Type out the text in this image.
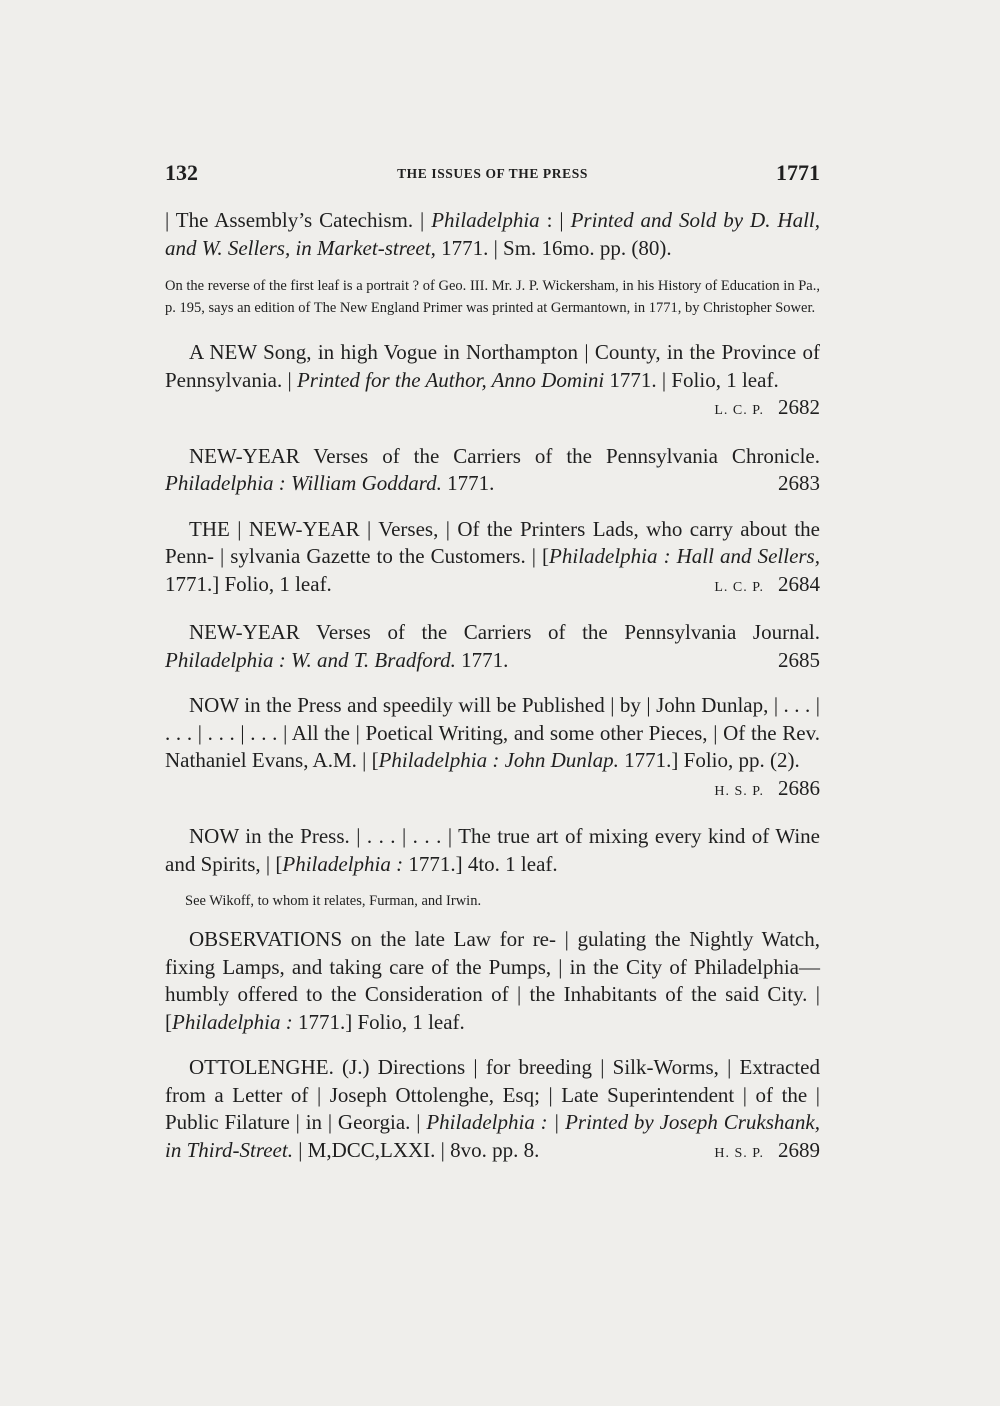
132	THE ISSUES OF THE PRESS	1771

| The Assembly’s Catechism. | Philadelphia : | Printed and Sold by D. Hall, and W. Sellers, in Market-street, 1771. | Sm. 16mo. pp. (80).

On the reverse of the first leaf is a portrait ? of Geo. III. Mr. J. P. Wickersham, in his History of Education in Pa., p. 195, says an edition of The New England Primer was printed at Germantown, in 1771, by Christopher Sower.

A NEW Song, in high Vogue in Northampton | County, in the Province of Pennsylvania. | Printed for the Author, Anno Domini 1771. | Folio, 1 leaf.
L. C. P. 2682

NEW-YEAR Verses of the Carriers of the Pennsylvania Chronicle. Philadelphia : William Goddard. 1771.	2683

THE | NEW-YEAR | Verses, | Of the Printers Lads, who carry about the Penn- | sylvania Gazette to the Customers. | [Philadelphia : Hall and Sellers, 1771.] Folio, 1 leaf.	L. C. P. 2684

NEW-YEAR Verses of the Carriers of the Pennsylvania Journal. Philadelphia : W. and T. Bradford. 1771.	2685

NOW in the Press and speedily will be Published | by | John Dunlap, | . . . | . . . | . . . | . . . | All the | Poetical Writing, and some other Pieces, | Of the Rev. Nathaniel Evans, A.M. | [Philadelphia : John Dunlap. 1771.] Folio, pp. (2).
H. S. P. 2686

NOW in the Press. | . . . | . . . | The true art of mixing every kind of Wine and Spirits, | [Philadelphia : 1771.] 4to. 1 leaf.

See Wikoff, to whom it relates, Furman, and Irwin.

OBSERVATIONS on the late Law for re- | gulating the Nightly Watch, fixing Lamps, and taking care of the Pumps, | in the City of Philadelphia—humbly offered to the Consideration of | the Inhabitants of the said City. | [Philadelphia : 1771.] Folio, 1 leaf.

OTTOLENGHE. (J.) Directions | for breeding | Silk-Worms, | Extracted from a Letter of | Joseph Ottolenghe, Esq; | Late Superintendent | of the | Public Filature | in | Georgia. | Philadelphia : | Printed by Joseph Crukshank, in Third-Street. | M,DCC,LXXI. | 8vo. pp. 8.	H. S. P. 2689
